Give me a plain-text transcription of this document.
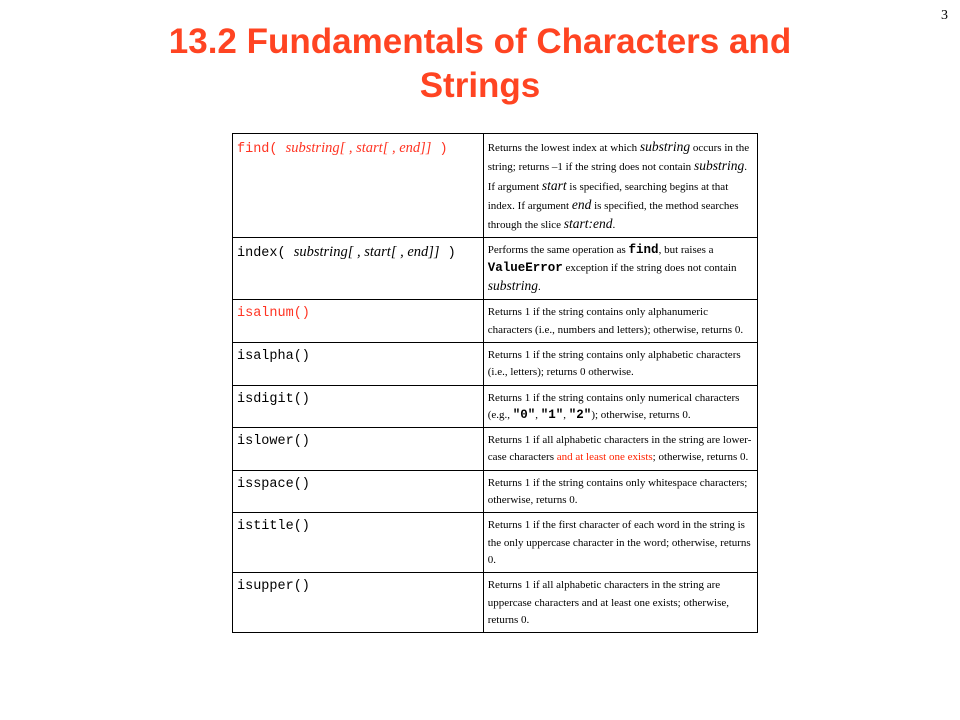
3
13.2 Fundamentals of Characters and
Strings
find( substring[ , start[ , end]] )	Returns the lowest index at which substring occurs in the string; returns –1 if the string does not contain substring. If argument start is specified, searching begins at that index. If argument end is specified, the method searches through the slice start:end.
index( substring[ , start[ , end]] )	Performs the same operation as find, but raises a ValueError exception if the string does not contain substring.
isalnum()	Returns 1 if the string contains only alphanumeric characters (i.e., numbers and letters); otherwise, returns 0.
isalpha()	Returns 1 if the string contains only alphabetic characters (i.e., letters); returns 0 otherwise.
isdigit()	Returns 1 if the string contains only numerical characters (e.g., "0", "1", "2"); otherwise, returns 0.
islower()	Returns 1 if all alphabetic characters in the string are lower-case characters and at least one exists; otherwise, returns 0.
isspace()	Returns 1 if the string contains only whitespace characters; otherwise, returns 0.
istitle()	Returns 1 if the first character of each word in the string is the only uppercase character in the word; otherwise, returns 0.
isupper()	Returns 1 if all alphabetic characters in the string are uppercase characters and at least one exists; otherwise, returns 0.
